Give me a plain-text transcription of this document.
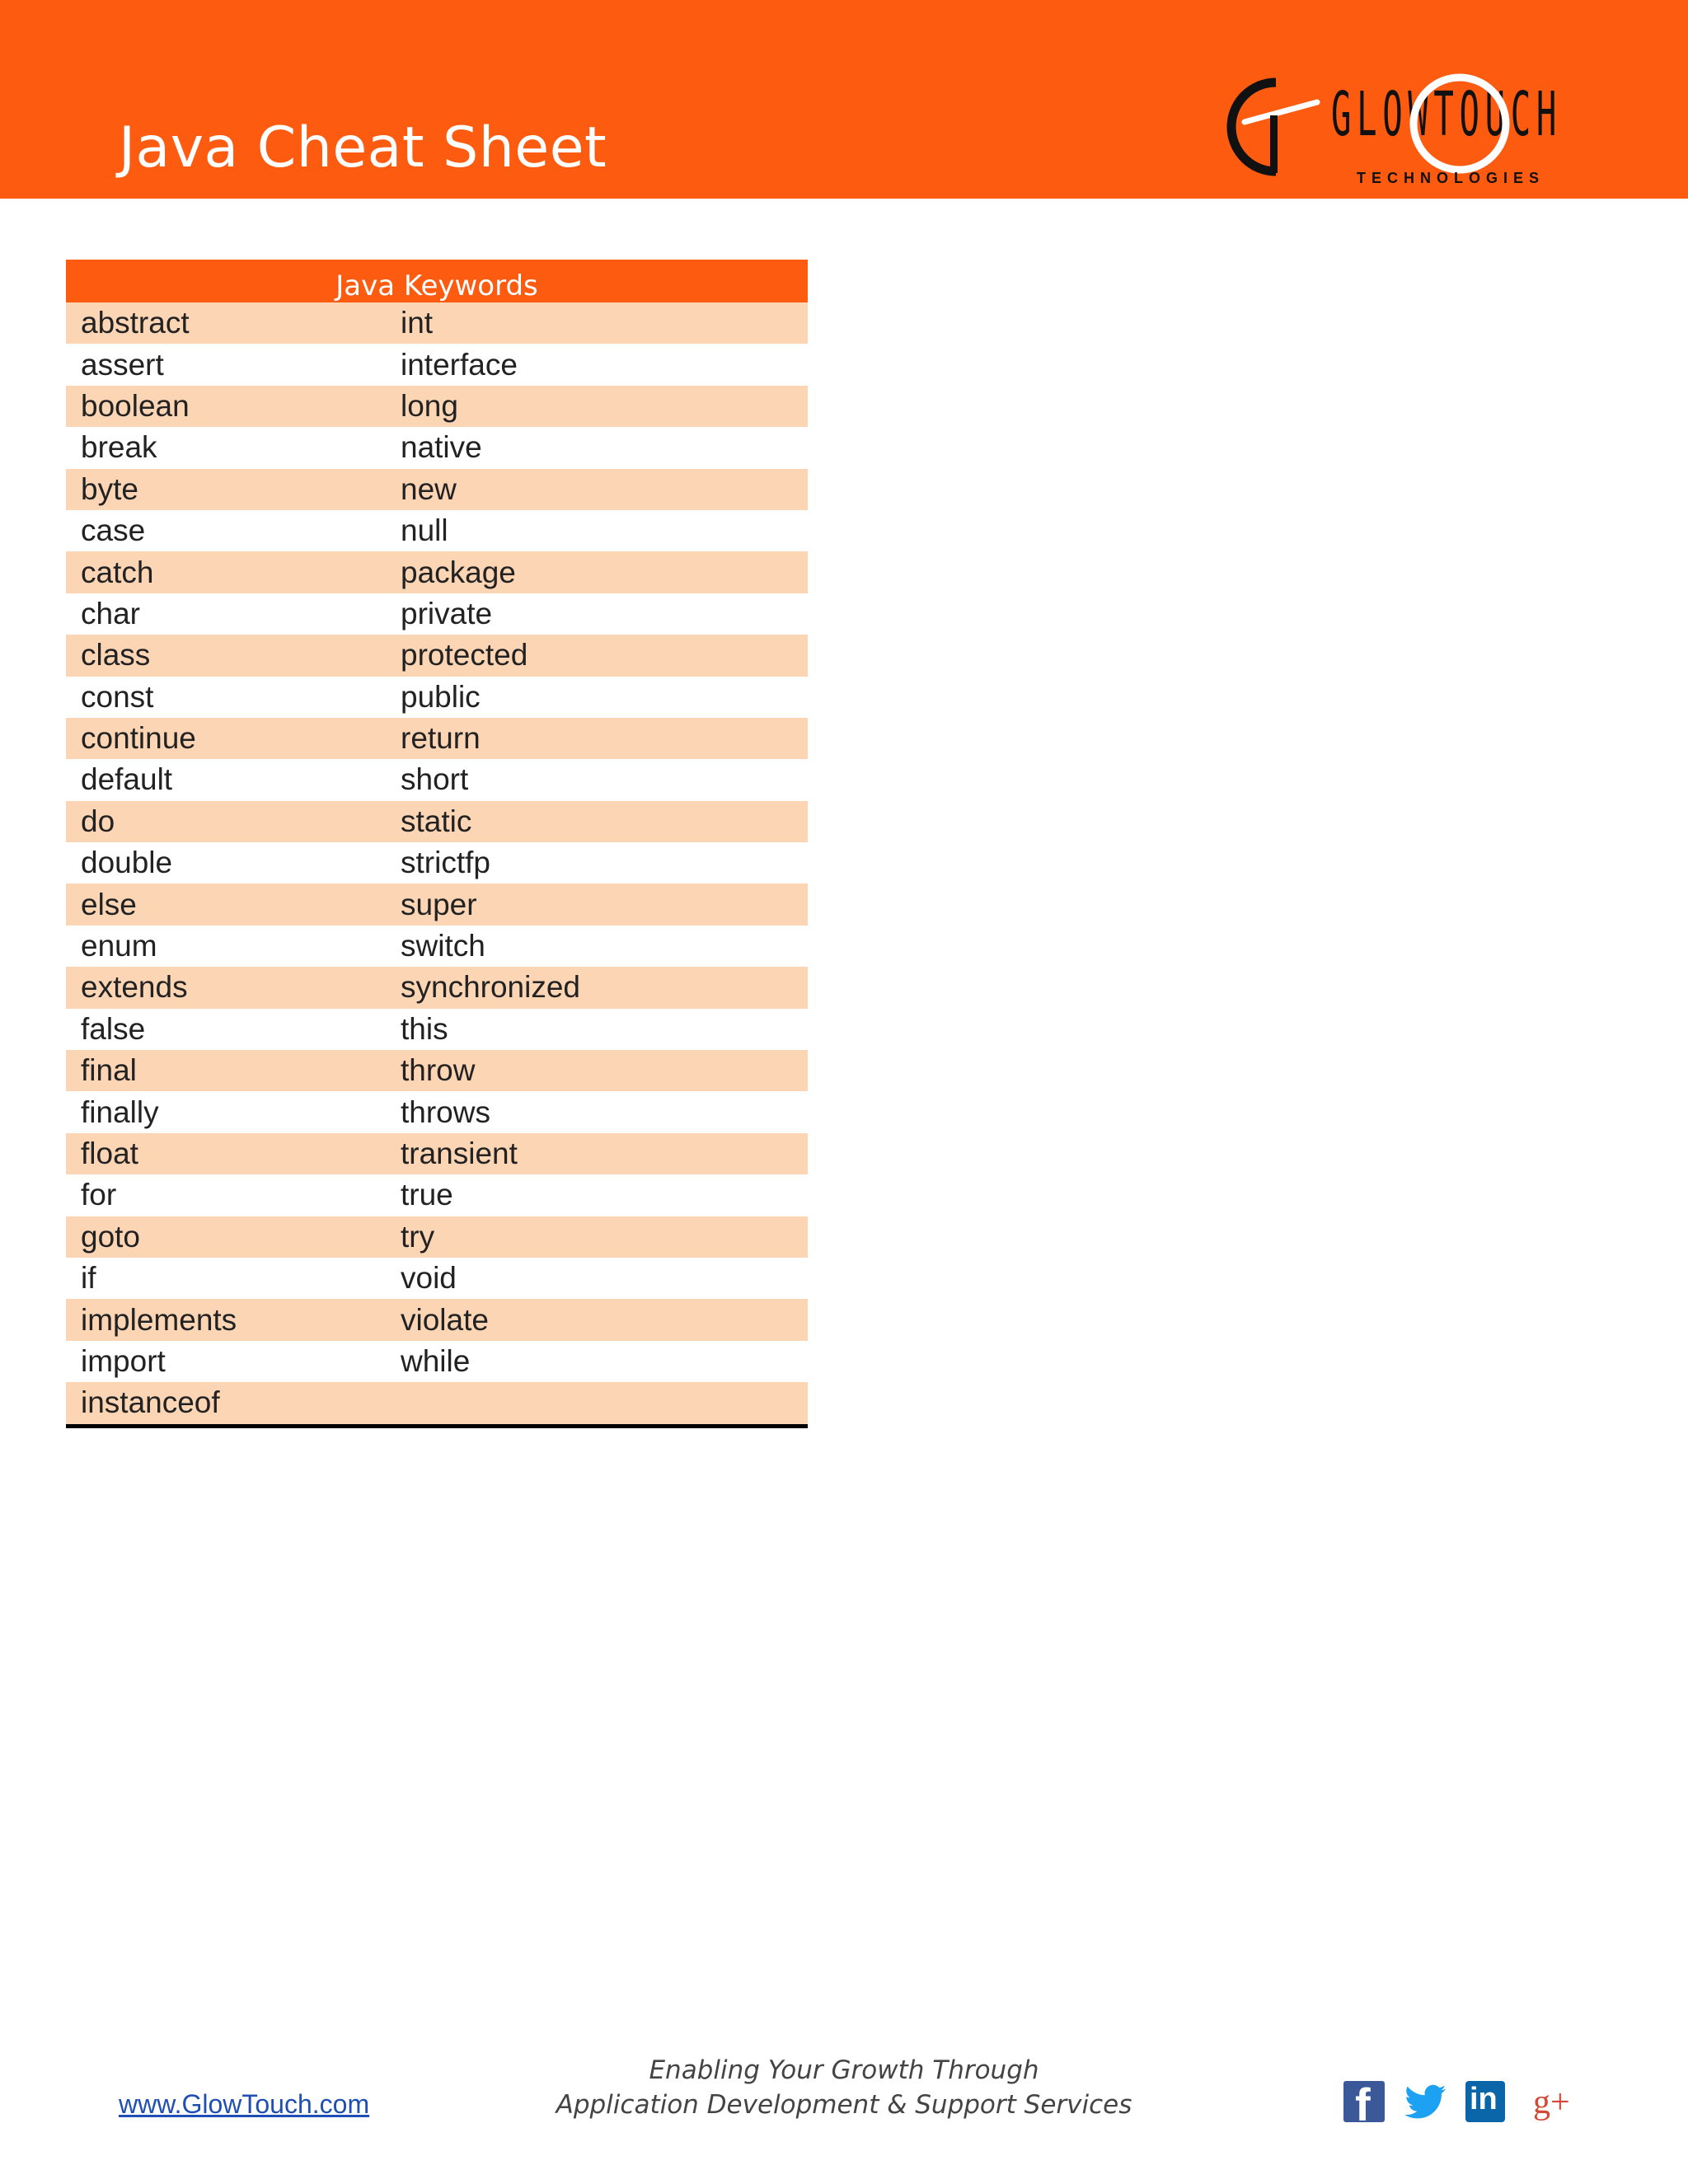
Java Cheat Sheet	GLOWTOUCH
TECHNOLOGIES
Java Keywords	
abstract	int
assert	interface
boolean	long
break	native
byte	new
case	null
catch	package
char	private
class	protected
const	public
continue	return
default	short
do	static
double	strictfp
else	super
enum	switch
extends	synchronized
false	this
final	throw
finally	throws
float	transient
for	true
goto	try
if	void
implements	violate
import	while
instanceof	
www.GlowTouch.com
Enabling Your Growth Through
Application Development & Support Services	f	in g+
